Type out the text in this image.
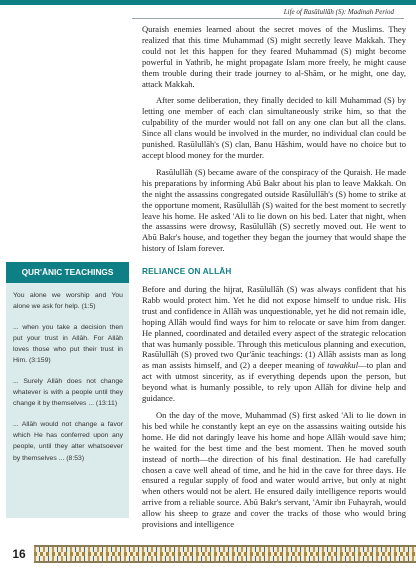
Life of Rasūlullāh (S): Madinah Period

Quraish enemies learned about the secret moves of the Muslims. They realized that this time Muhammad (S) might secretly leave Makkah. They could not let this happen for they feared Muhammad (S) might become powerful in Yathrib, he might propagate Islam more freely, he might cause them trouble during their trade journey to al-Shām, or he might, one day, attack Makkah.

After some deliberation, they finally decided to kill Muhammad (S) by letting one member of each clan simultaneously strike him, so that the culpability of the murder would not fall on any one clan but all the clans. Since all clans would be involved in the murder, no individual clan could be punished. Rasūlullāh's (S) clan, Banu Hāshim, would have no choice but to accept blood money for the murder.

Rasūlullāh (S) became aware of the conspiracy of the Quraish. He made his preparations by informing Abū Bakr about his plan to leave Makkah. On the night the assassins congregated outside Rasūlullāh's (S) home to strike at the opportune moment, Rasūlullāh (S) waited for the best moment to secretly leave his home. He asked 'Ali to lie down on his bed. Later that night, when the assassins were drowsy, Rasūlullāh (S) secretly moved out. He went to Abū Bakr's house, and together they began the journey that would shape the history of Islam forever.

RELIANCE ON ALLĀH

Before and during the hijrat, Rasūlullāh (S) was always confident that his Rabb would protect him. Yet he did not expose himself to undue risk. His trust and confidence in Allāh was unquestionable, yet he did not remain idle, hoping Allāh would find ways for him to relocate or save him from danger. He planned, coordinated and detailed every aspect of the strategic relocation that was humanly possible. Through this meticulous planning and execution, Rasūlullāh (S) proved two Qur'ānic teachings: (1) Allāh assists man as long as man assists himself, and (2) a deeper meaning of tawakkul—to plan and act with utmost sincerity, as if everything depends upon the person, but beyond what is humanly possible, to rely upon Allāh for divine help and guidance.

On the day of the move, Muhammad (S) first asked 'Ali to lie down in his bed while he constantly kept an eye on the assassins waiting outside his home. He did not daringly leave his home and hope Allāh would save him; he waited for the best time and the best moment. Then he moved south instead of north—the direction of his final destination. He had carefully chosen a cave well ahead of time, and he hid in the cave for three days. He ensured a regular supply of food and water would arrive, but only at night when others would not be alert. He ensured daily intelligence reports would arrive from a reliable source. Abū Bakr's servant, 'Amir ibn Fuhayrah, would allow his sheep to graze and cover the tracks of those who would bring provisions and intelligence

QUR'ĀNIC TEACHINGS

You alone we worship and You alone we ask for help. (1:5)

... when you take a decision then put your trust in Allāh. For Allāh loves those who put their trust in Him. (3:159)

... Surely Allāh does not change whatever is with a people until they change it by themselves ... (13:11)

... Allāh would not change a favor which He has conferred upon any people, until they alter whatsoever by themselves ... (8:53)

16
